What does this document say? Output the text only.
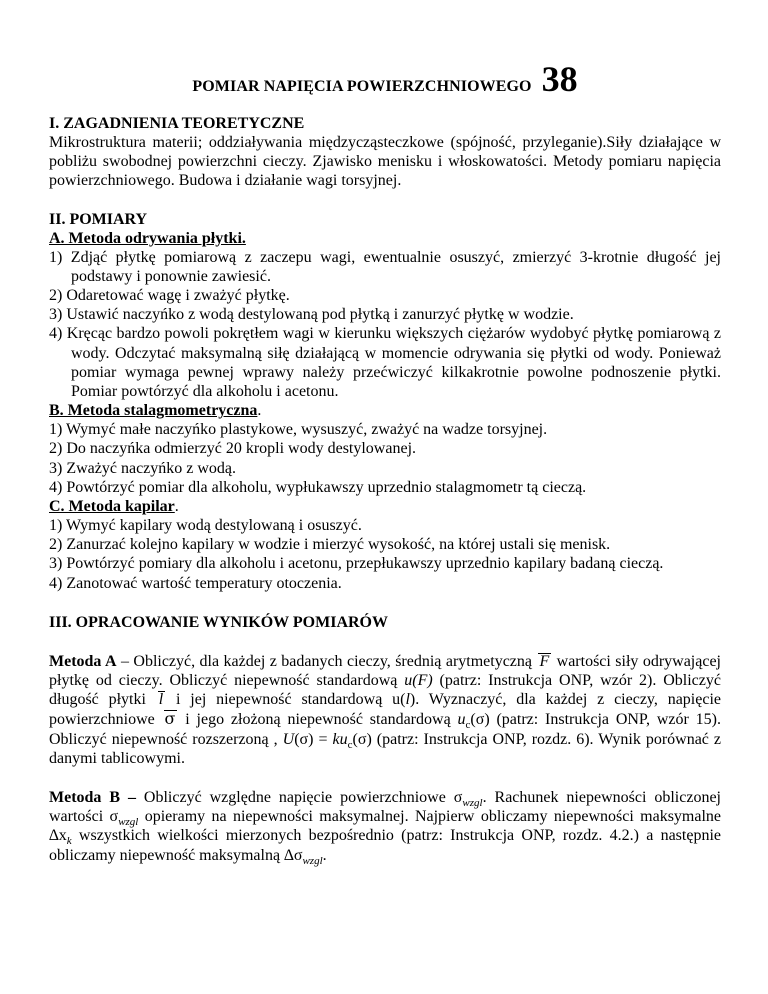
POMIAR NAPIĘCIA POWIERZCHNIOWEGO 38

I. ZAGADNIENIA TEORETYCZNE

Mikrostruktura materii; oddziaływania międzycząsteczkowe (spójność, przyleganie).Siły działające w pobliżu swobodnej powierzchni cieczy. Zjawisko menisku i włoskowatości. Metody pomiaru napięcia powierzchniowego. Budowa i działanie wagi torsyjnej.

II. POMIARY

A. Metoda odrywania płytki.

1) Zdjąć płytkę pomiarową z zaczepu wagi, ewentualnie osuszyć, zmierzyć 3-krotnie długość jej podstawy i ponownie zawiesić.

2) Odaretować wagę i zważyć płytkę.

3) Ustawić naczyńko z wodą destylowaną pod płytką i zanurzyć płytkę w wodzie.

4) Kręcąc bardzo powoli pokrętłem wagi w kierunku większych ciężarów wydobyć płytkę pomiarową z wody. Odczytać maksymalną siłę działającą w momencie odrywania się płytki od wody. Ponieważ pomiar wymaga pewnej wprawy należy przećwiczyć kilkakrotnie powolne podnoszenie płytki. Pomiar powtórzyć dla alkoholu i acetonu.

B. Metoda stalagmometryczna.

1) Wymyć małe naczyńko plastykowe, wysuszyć, zważyć na wadze torsyjnej.

2) Do naczyńka odmierzyć 20 kropli wody destylowanej.

3) Zważyć naczyńko z wodą.

4) Powtórzyć pomiar dla alkoholu, wypłukawszy uprzednio stalagmometr tą cieczą.

C. Metoda kapilar.

1) Wymyć kapilary wodą destylowaną i osuszyć.

2) Zanurzać kolejno kapilary w wodzie i mierzyć wysokość, na której ustali się menisk.

3) Powtórzyć pomiary dla alkoholu i acetonu, przepłukawszy uprzednio kapilary badaną cieczą.

4) Zanotować wartość temperatury otoczenia.

III. OPRACOWANIE WYNIKÓW POMIARÓW

Metoda A – Obliczyć, dla każdej z badanych cieczy, średnią arytmetyczną F wartości siły odrywającej płytkę od cieczy. Obliczyć niepewność standardową u(F) (patrz: Instrukcja ONP, wzór 2). Obliczyć długość płytki l i jej niepewność standardową u(l). Wyznaczyć, dla każdej z cieczy, napięcie powierzchniowe σ i jego złożoną niepewność standardową $u_c(\sigma)$ (patrz: Instrukcja ONP, wzór 15). Obliczyć niepewność rozszerzoną , $U(\sigma) = ku_c(\sigma)$ (patrz: Instrukcja ONP, rozdz. 6). Wynik porównać z danymi tablicowymi.

Metoda B – Obliczyć względne napięcie powierzchniowe $\sigma_{wzgl}$. Rachunek niepewności obliczonej wartości $\sigma_{wzgl}$ opieramy na niepewności maksymalnej. Najpierw obliczamy niepewności maksymalne $\Delta x_k$ wszystkich wielkości mierzonych bezpośrednio (patrz: Instrukcja ONP, rozdz. 4.2.) a następnie obliczamy niepewność maksymalną $\Delta\sigma_{wzgl}$.
